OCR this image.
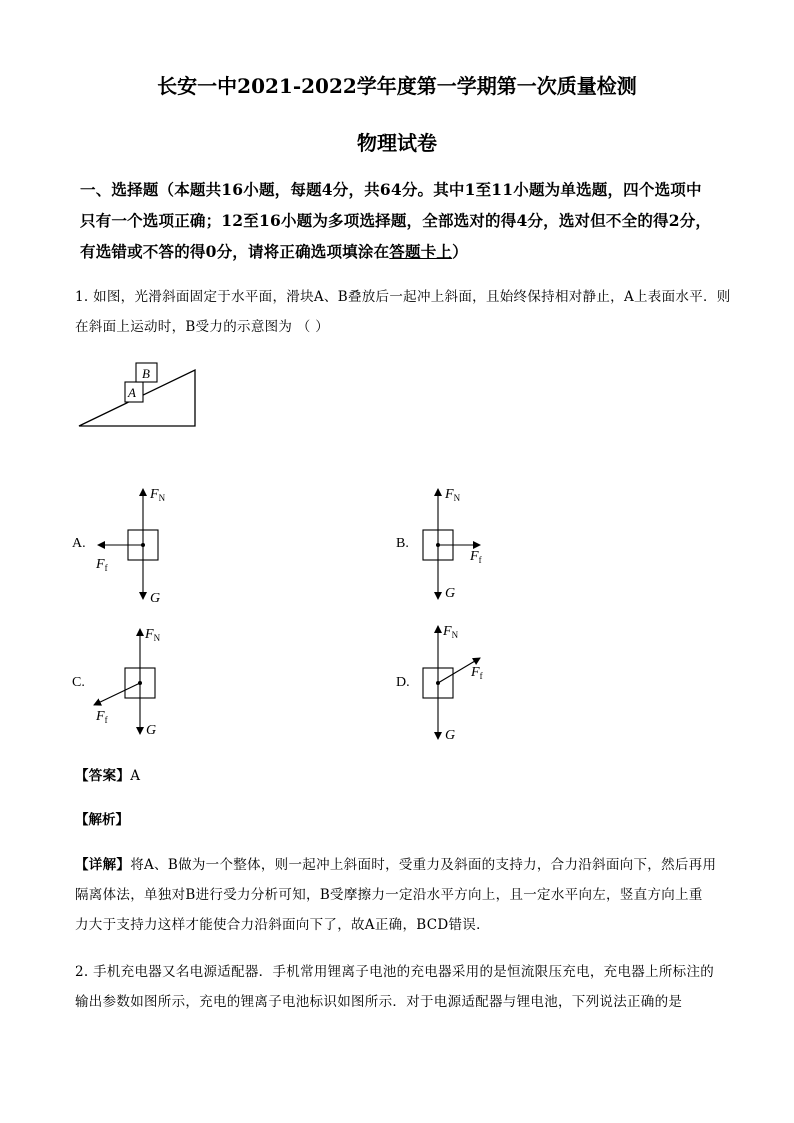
长安一中2021-2022学年度第一学期第一次质量检测
物理试卷
一、选择题（本题共16小题，每题4分，共64分。其中1至11小题为单选题，四个选项中
只有一个选项正确；12至16小题为多项选择题，全部选对的得4分，选对但不全的得2分，
有选错或不答的得0分，请将正确选项填涂在答题卡上）
1. 如图，光滑斜面固定于水平面，滑块A、B叠放后一起冲上斜面，且始终保持相对静止，A上表面水平．则
在斜面上运动时，B受力的示意图为 （ ）
B
A
A.
$F_N$
$F_f$
G
B.
$F_N$
$F_f$
G
C.
$F_N$
$F_f$
G
D.
$F_N$
$F_f$
G
【答案】A
【解析】
【详解】将A、B做为一个整体，则一起冲上斜面时，受重力及斜面的支持力，合力沿斜面向下，然后再用
隔离体法，单独对B进行受力分析可知，B受摩擦力一定沿水平方向上，且一定水平向左，竖直方向上重
力大于支持力这样才能使合力沿斜面向下了，故A正确，BCD错误．
2. 手机充电器又名电源适配器．手机常用锂离子电池的充电器采用的是恒流限压充电，充电器上所标注的
输出参数如图所示，充电的锂离子电池标识如图所示．对于电源适配器与锂电池，下列说法正确的是
